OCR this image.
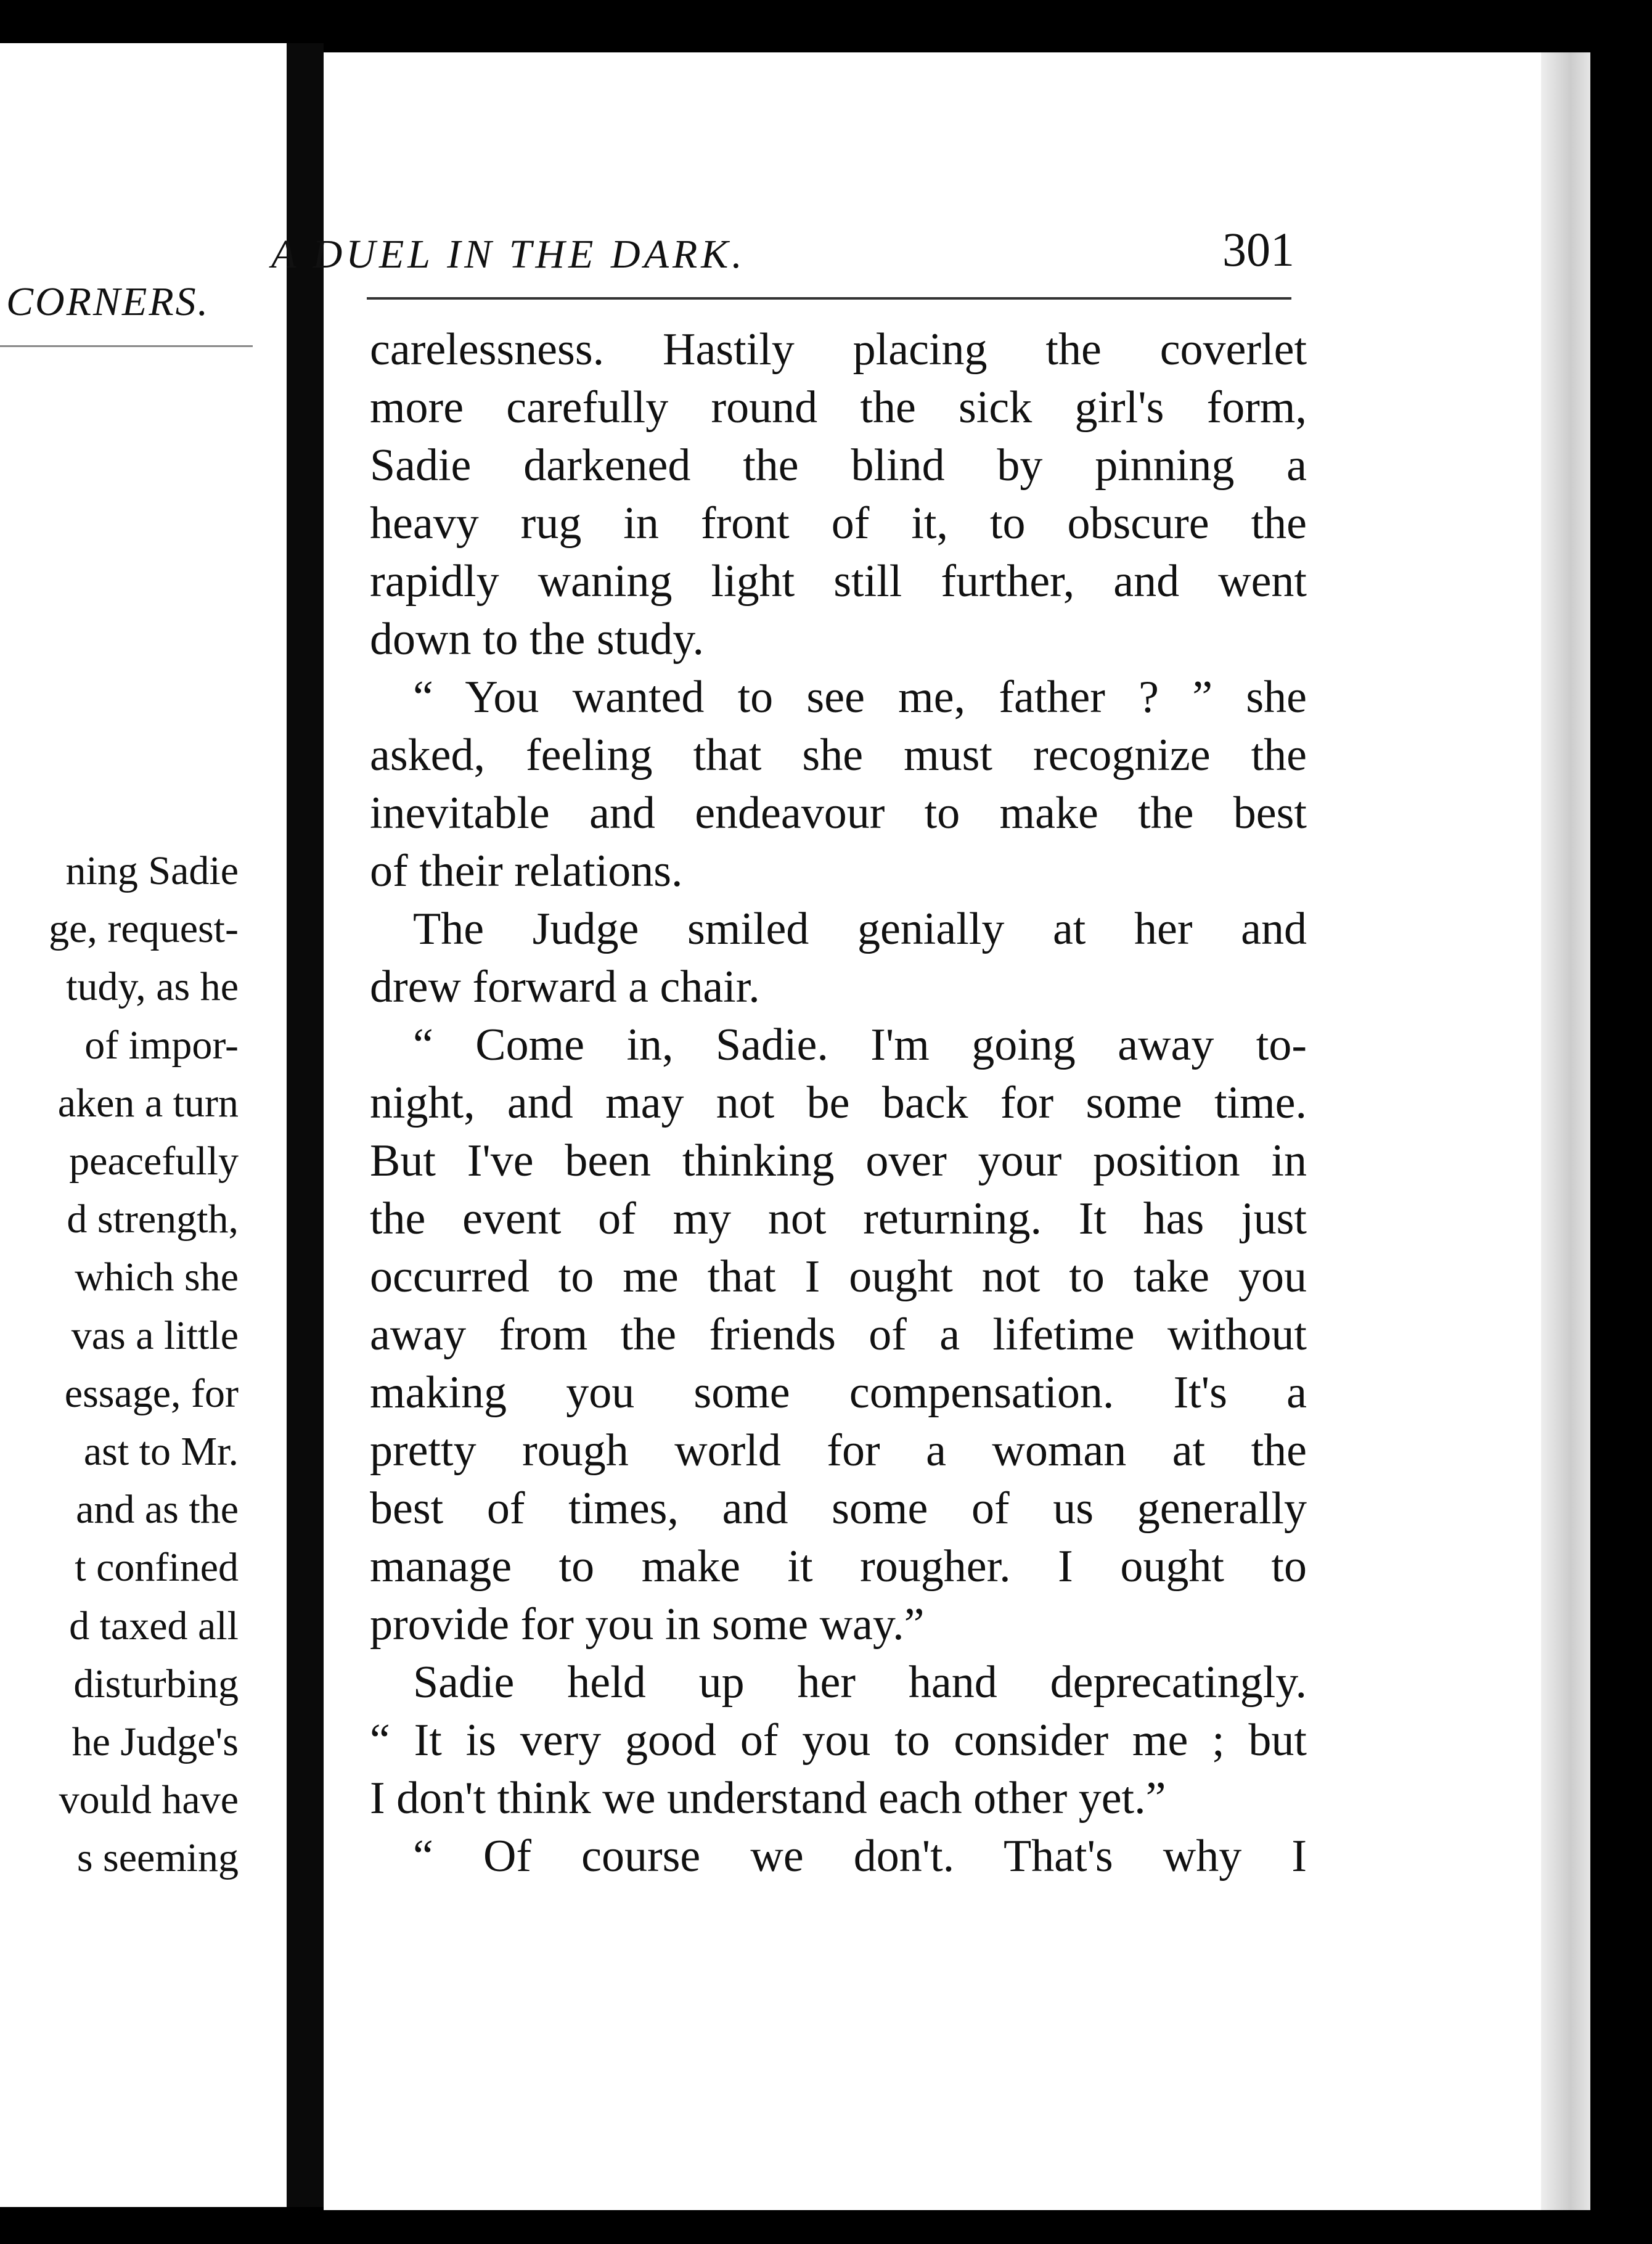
CORNERS.
ning Sadie
ge, request-
tudy, as he
of impor-
aken a turn
peacefully
d strength,
which she
vas a little
essage, for
ast to Mr.
and as the
t confined
d taxed all
disturbing
he Judge's
vould have
s seeming
A DUEL IN THE DARK.	301
carelessness. Hastily placing the coverlet
more carefully round the sick girl's form,
Sadie darkened the blind by pinning a
heavy rug in front of it, to obscure the
rapidly waning light still further, and went
down to the study.
“ You wanted to see me, father ? ” she
asked, feeling that she must recognize the
inevitable and endeavour to make the best
of their relations.
The Judge smiled genially at her and
drew forward a chair.
“ Come in, Sadie. I'm going away to-
night, and may not be back for some time.
But I've been thinking over your position in
the event of my not returning. It has just
occurred to me that I ought not to take you
away from the friends of a lifetime without
making you some compensation. It's a
pretty rough world for a woman at the
best of times, and some of us generally
manage to make it rougher. I ought to
provide for you in some way.”
Sadie held up her hand deprecatingly.
“ It is very good of you to consider me ; but
I don't think we understand each other yet.”
“ Of course we don't. That's why I
